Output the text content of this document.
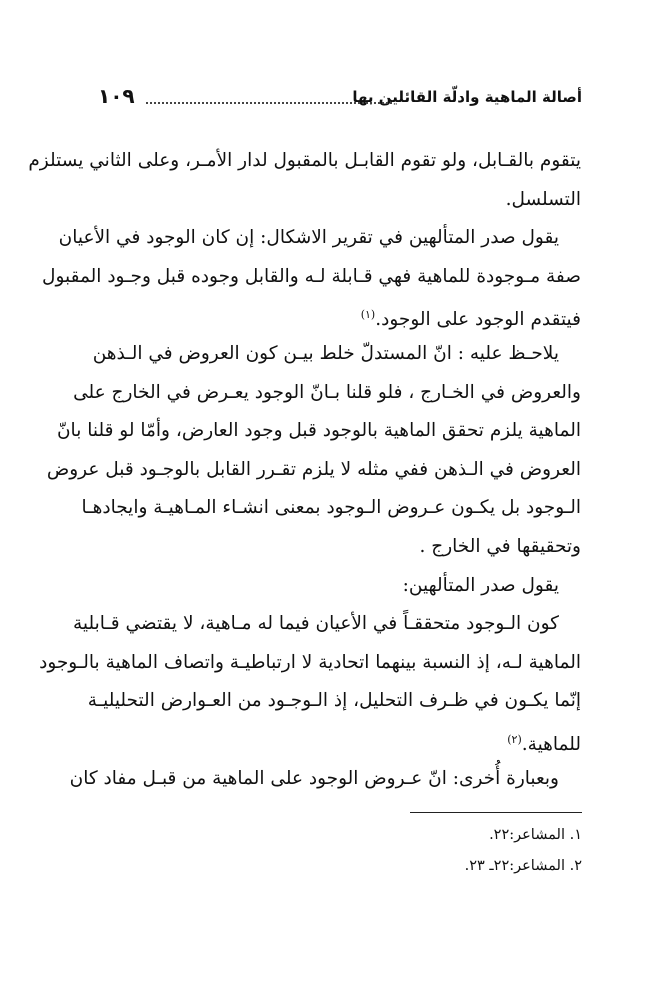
أصالة الماهية وادلّة القائلين بها
١٠٩
يتقوم بالقـابل، ولو تقوم القابـل بالمقبول لدار الأمـر، وعلى الثاني يستلزم
التسلسل.
يقول صدر المتألهين في تقرير الاشكال: إن كان الوجود في الأعيان
صفة مـوجودة للماهية فهي قـابلة لـه والقابل وجوده قبل وجـود المقبول
فيتقدم الوجود على الوجود.$^{(١)}$
يلاحـظ عليه : انّ المستدلّ خلط بيـن كون العروض في الـذهن
والعروض في الخـارج ، فلو قلنا بـانّ الوجود يعـرض في الخارج على
الماهية يلزم تحقق الماهية بالوجود قبل وجود العارض، وأمّا لو قلنا بانّ
العروض في الـذهن ففي مثله لا يلزم تقـرر القابل بالوجـود قبل عروض
الـوجود بل يكـون عـروض الـوجود بمعنى انشـاء المـاهيـة وايجادهـا
وتحقيقها في الخارج .
يقول صدر المتألهين:
كون الـوجود متحققـاً في الأعيان فيما له مـاهية، لا يقتضي قـابلية
الماهية لـه، إذ النسبة بينهما اتحادية لا ارتباطيـة واتصاف الماهية بالـوجود
إنّما يكـون في ظـرف التحليل، إذ الـوجـود من العـوارض التحليليـة
للماهية.$^{(٢)}$
وبعبارة أُخرى: انّ عـروض الوجود على الماهية من قبـل مفاد كان
١. المشاعر:٢٢.
٢. المشاعر:٢٢ـ ٢٣.
